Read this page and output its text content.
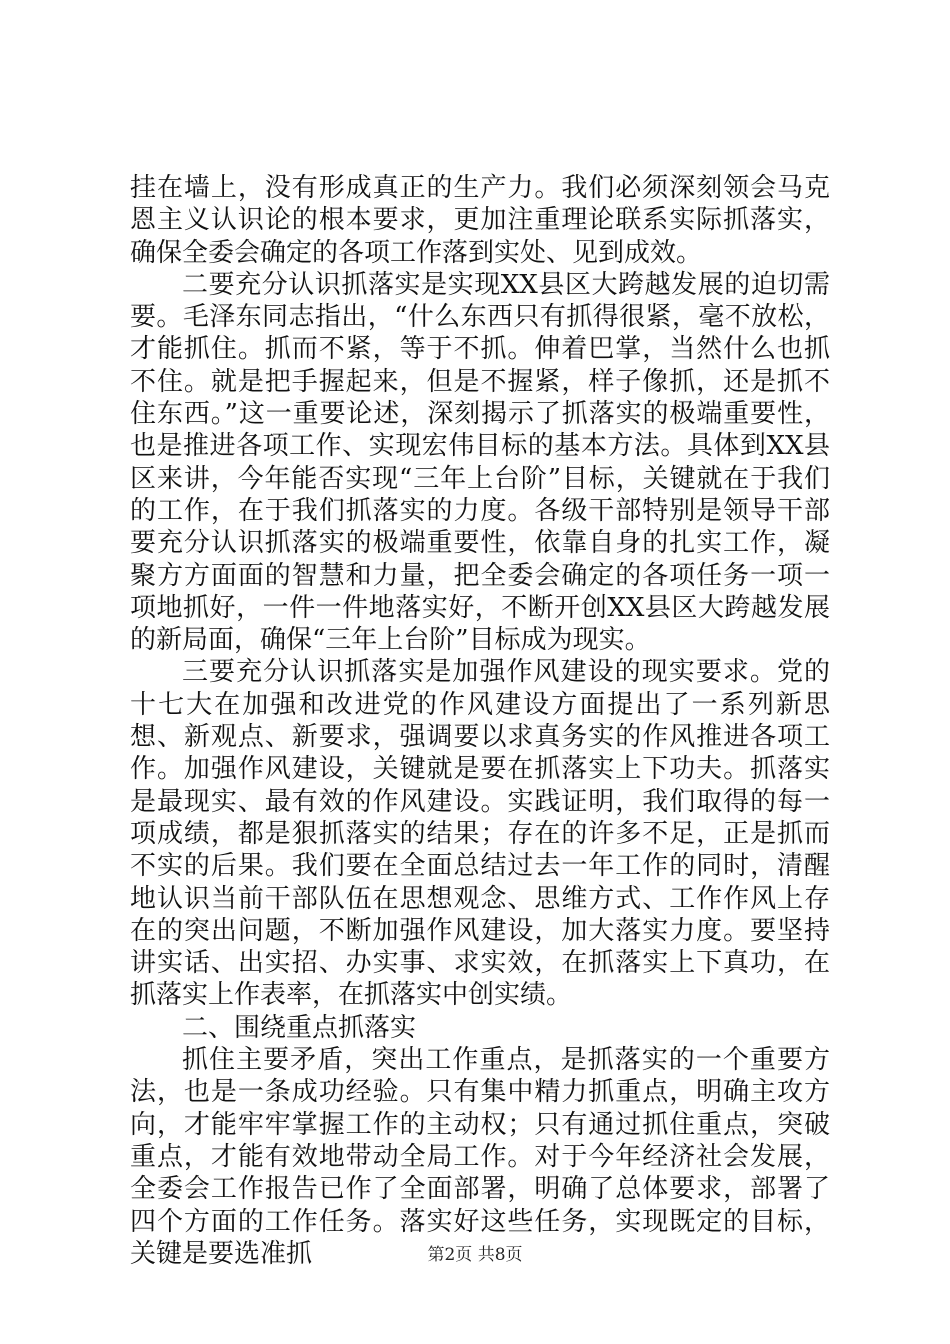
挂在墙上，没有形成真正的生产力。我们必须深刻领会马克恩主义认识论的根本要求，更加注重理论联系实际抓落实，确保全委会确定的各项工作落到实处、见到成效。

二要充分认识抓落实是实现XX县区大跨越发展的迫切需要。毛泽东同志指出，“什么东西只有抓得很紧，毫不放松，才能抓住。抓而不紧，等于不抓。伸着巴掌，当然什么也抓不住。就是把手握起来，但是不握紧，样子像抓，还是抓不住东西。”这一重要论述，深刻揭示了抓落实的极端重要性，也是推进各项工作、实现宏伟目标的基本方法。具体到XX县区来讲，今年能否实现“三年上台阶”目标，关键就在于我们的工作，在于我们抓落实的力度。各级干部特别是领导干部要充分认识抓落实的极端重要性，依靠自身的扎实工作，凝聚方方面面的智慧和力量，把全委会确定的各项任务一项一项地抓好，一件一件地落实好，不断开创XX县区大跨越发展的新局面，确保“三年上台阶”目标成为现实。

三要充分认识抓落实是加强作风建设的现实要求。党的十七大在加强和改进党的作风建设方面提出了一系列新思想、新观点、新要求，强调要以求真务实的作风推进各项工作。加强作风建设，关键就是要在抓落实上下功夫。抓落实是最现实、最有效的作风建设。实践证明，我们取得的每一项成绩，都是狠抓落实的结果；存在的许多不足，正是抓而不实的后果。我们要在全面总结过去一年工作的同时，清醒地认识当前干部队伍在思想观念、思维方式、工作作风上存在的突出问题，不断加强作风建设，加大落实力度。要坚持讲实话、出实招、办实事、求实效，在抓落实上下真功，在抓落实上作表率，在抓落实中创实绩。

二、围绕重点抓落实

抓住主要矛盾，突出工作重点，是抓落实的一个重要方法，也是一条成功经验。只有集中精力抓重点，明确主攻方向，才能牢牢掌握工作的主动权；只有通过抓住重点，突破重点，才能有效地带动全局工作。对于今年经济社会发展，全委会工作报告已作了全面部署，明确了总体要求，部署了四个方面的工作任务。落实好这些任务，实现既定的目标，关键是要选准抓	第2页 共8页
